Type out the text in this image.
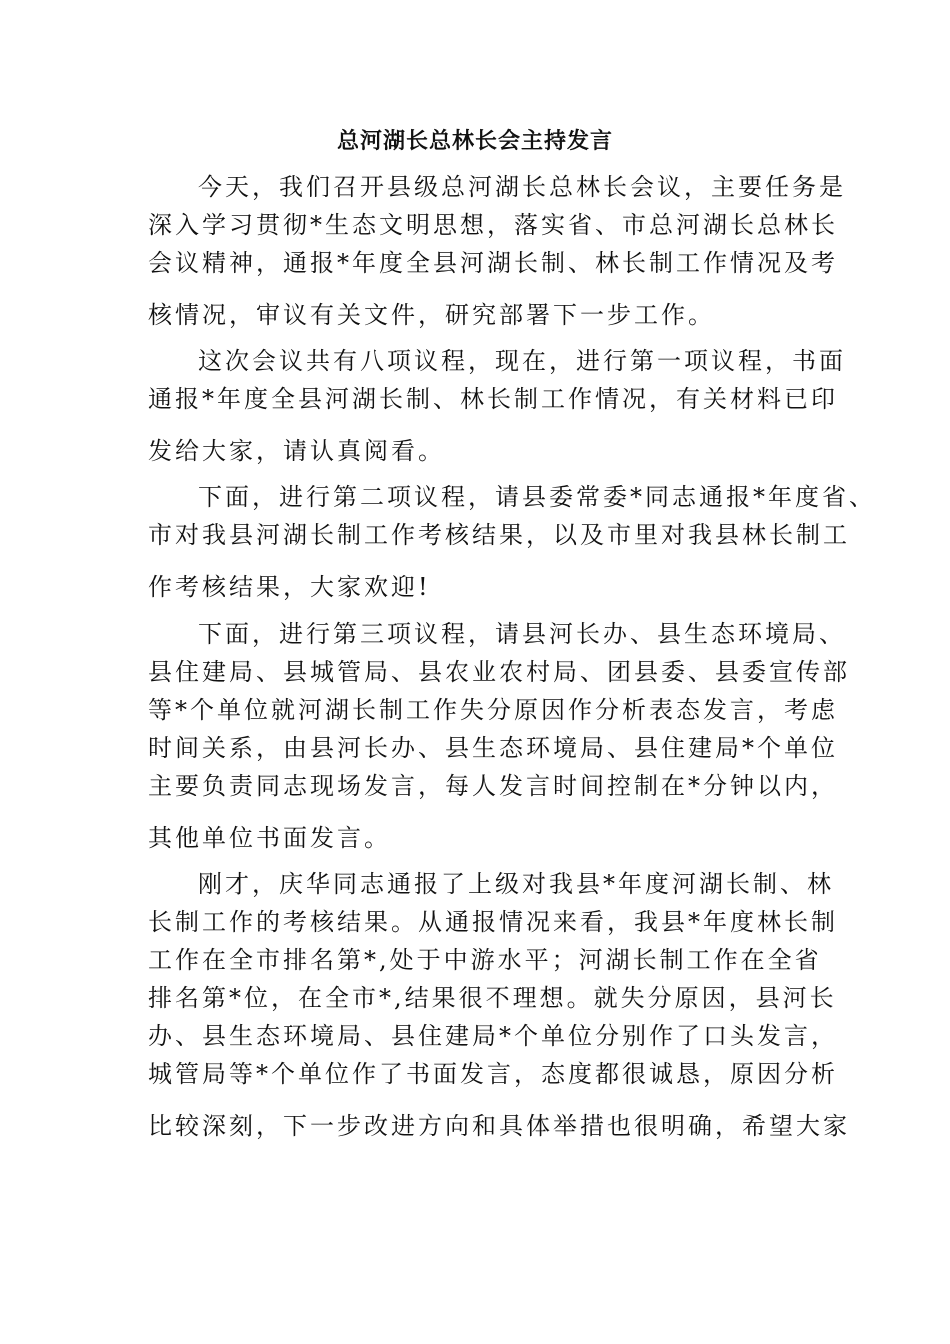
总河湖长总林长会主持发言
今天，我们召开县级总河湖长总林长会议，主要任务是
深入学习贯彻*生态文明思想，落实省、市总河湖长总林长
会议精神，通报*年度全县河湖长制、林长制工作情况及考
核情况，审议有关文件，研究部署下一步工作。
这次会议共有八项议程，现在，进行第一项议程，书面
通报*年度全县河湖长制、林长制工作情况，有关材料已印
发给大家，请认真阅看。
下面，进行第二项议程，请县委常委*同志通报*年度省、
市对我县河湖长制工作考核结果，以及市里对我县林长制工
作考核结果，大家欢迎!
下面，进行第三项议程，请县河长办、县生态环境局、
县住建局、县城管局、县农业农村局、团县委、县委宣传部
等*个单位就河湖长制工作失分原因作分析表态发言，考虑
时间关系，由县河长办、县生态环境局、县住建局*个单位
主要负责同志现场发言，每人发言时间控制在*分钟以内，
其他单位书面发言。
刚才，庆华同志通报了上级对我县*年度河湖长制、林
长制工作的考核结果。从通报情况来看，我县*年度林长制
工作在全市排名第*,处于中游水平；河湖长制工作在全省
排名第*位，在全市*,结果很不理想。就失分原因，县河长
办、县生态环境局、县住建局*个单位分别作了口头发言，
城管局等*个单位作了书面发言，态度都很诚恳，原因分析
比较深刻，下一步改进方向和具体举措也很明确，希望大家
